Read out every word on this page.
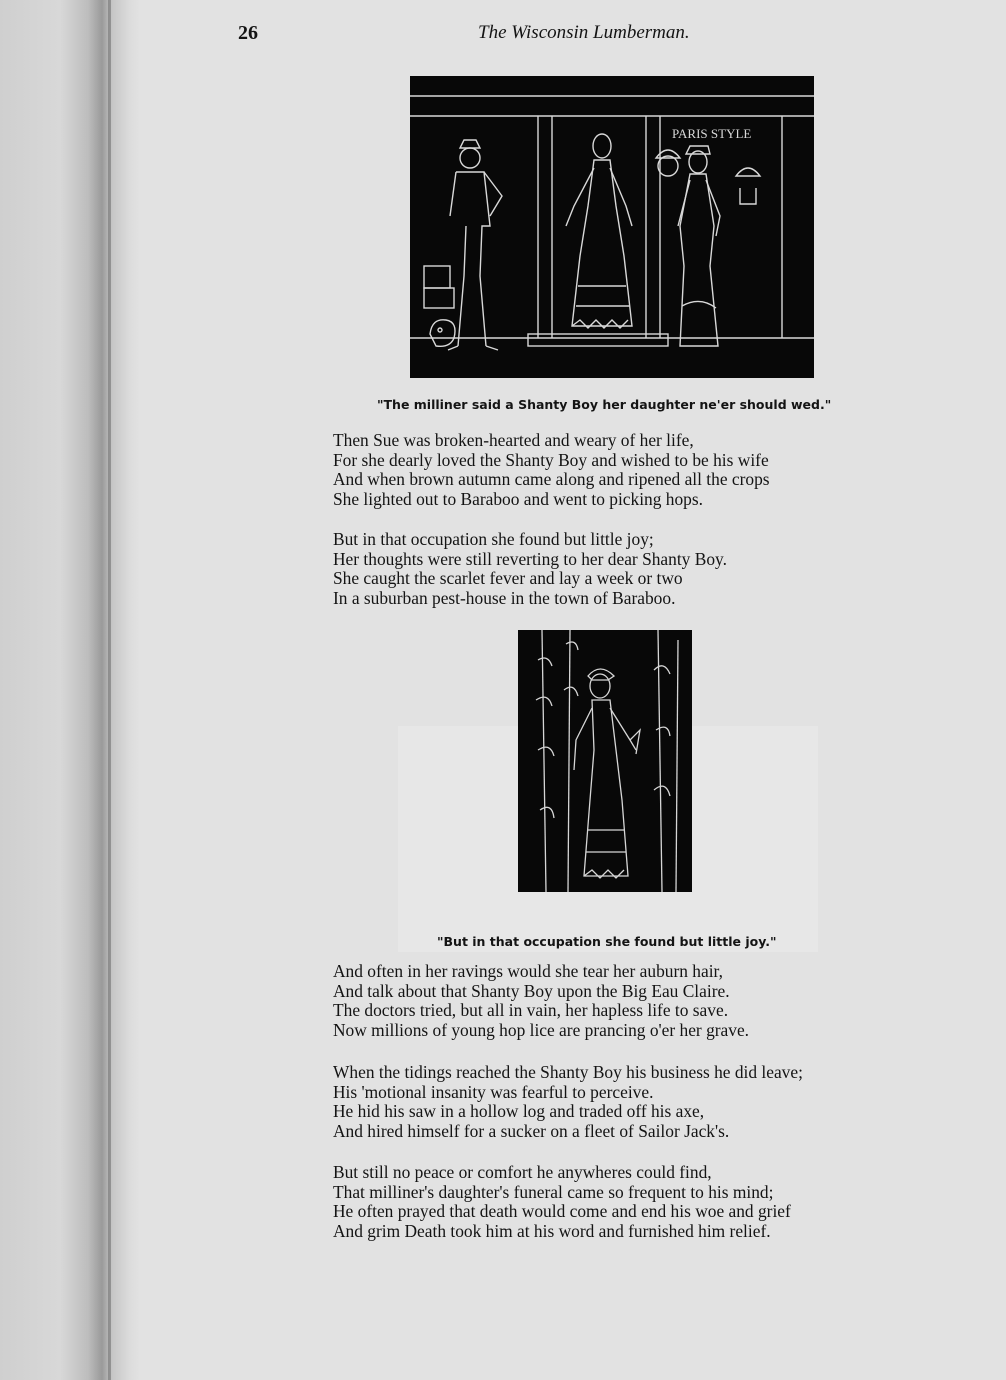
26	The Wisconsin Lumberman.
PARIS STYLE
"The milliner said a Shanty Boy her daughter ne'er should wed."
Then Sue was broken-hearted and weary of her life,
For she dearly loved the Shanty Boy and wished to be his wife
And when brown autumn came along and ripened all the crops
She lighted out to Baraboo and went to picking hops.
But in that occupation she found but little joy;
Her thoughts were still reverting to her dear Shanty Boy.
She caught the scarlet fever and lay a week or two
In a suburban pest-house in the town of Baraboo.
"But in that occupation she found but little joy."
And often in her ravings would she tear her auburn hair,
And talk about that Shanty Boy upon the Big Eau Claire.
The doctors tried, but all in vain, her hapless life to save.
Now millions of young hop lice are prancing o'er her grave.
When the tidings reached the Shanty Boy his business he did leave;
His 'motional insanity was fearful to perceive.
He hid his saw in a hollow log and traded off his axe,
And hired himself for a sucker on a fleet of Sailor Jack's.
But still no peace or comfort he anywheres could find,
That milliner's daughter's funeral came so frequent to his mind;
He often prayed that death would come and end his woe and grief
And grim Death took him at his word and furnished him relief.
